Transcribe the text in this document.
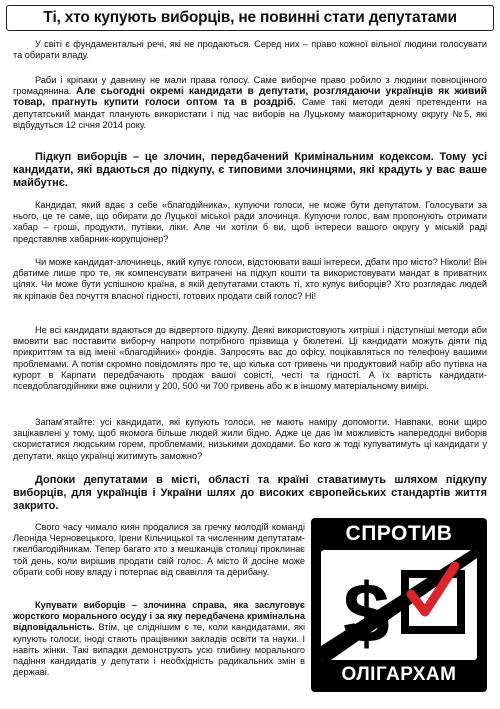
Ті, хто купують виборців, не повинні стати депутатами
У світі є фундаментальні речі, які не продаються. Серед них – право кожної вільної людини голосувати та обирати владу.
Раби і кріпаки у давнину не мали права голосу. Саме виборче право робило з людини повноцінного громадянина. Але сьогодні окремі кандидати в депутати, розглядаючи українців як живий товар, прагнуть купити голоси оптом та в роздріб. Саме такі методи деякі претенденти на депутатський мандат планують використати і під час виборів на Луцькому мажоритарному округу №5, які відбудуться 12 січня 2014 року.
Підкуп виборців – це злочин, передбачений Кримінальним кодексом. Тому усі кандидати, які вдаються до підкупу, є типовими злочинцями, які крадуть у вас ваше майбутнє.
Кандидат, який вдає з себе «благодійника», купуючи голоси, не може бути депутатом. Голосувати за нього, це те саме, що обирати до Луцької міської ради злочинця. Купуючи голос, вам пропонують отримати хабар – гроші, продукти, путівки, ліки. Але чи хотіли б ви, щоб інтереси вашого округу у міській раді представляв хабарник-корупціонер?
Чи може кандидат-злочинець, який купує голоси, відстоювати ваші інтереси, дбати про місто? Ніколи! Він дбатиме лише про те, як компенсувати витрачені на підкуп кошти та використовувати мандат в приватних цілях. Чи може бути успішною країна, в якій депутатами стають ті, хто купує виборців? Хто розглядає людей як кріпаків без почуття власної гідності, готових продати свій голос? Ні!
Не всі кандидати вдаються до відвертого підкупу. Деякі використовують хитріші і підступніші методи аби вмовити вас поставити виборчу напроти потрібного прізвища у бюлетені. Ці кандидати можуть діяти під прикриттям та від імені «благодійних» фондів. Запросять вас до офісу, поцікавляться по телефону вашими проблемами. А потім скромно повідомлять про те, що кілька сот гривень чи продуктовий набір або путівка на курорт в Карпати передбачають продаж вашої совісті, честі та гідності. А їх вартість кандидати-псевдоблагодійники вже оцінили у 200, 500 чи 700 гривень або ж в іншому матеріальному вимірі.
Запам'ятайте: усі кандидати, які купують голоси, не мають наміру допомогти. Навпаки, вони щиро зацікавлені у тому, щоб якомога більше людей жили бідно. Адже це дає їм можливість напередодні виборів скористатися людським горем, проблемами, низькими доходами. Бо кого ж тоді купуватимуть ці кандидати у депутати, якщо українці житимуть заможно?
Допоки депутатами в місті, області та країні ставатимуть шляхом підкупу виборців, для українців і України шлях до високих європейських стандартів життя закрито.
Свого часу чимало киян продалися за гречку молодій команді Леоніда Черновецького, Ірени Кільчицької та численним депутатам-гжелбагодійникам. Тепер багато хто з мешканців столиці проклинає той день, коли вирішив продати свій голос. А місто й досіне може обрати собі нову владу і потерпає від свавілля та дерибану.
Купувати виборців – злочинна справа, яка заслуговує жорсткого морального осуду і за яку передбачена кримінальна відповідальність. Втім, це сліднішим є те, коли кандидатами, які купують голоси, іноді стають працівники закладів освіти та науки. І навіть жінки. Такі випадки демонструють усю глибину морального падіння кандидатів у депутати і необхідність радикальних змін в державі.
СПРОТИВ
$
ОЛІГАРХАМ
